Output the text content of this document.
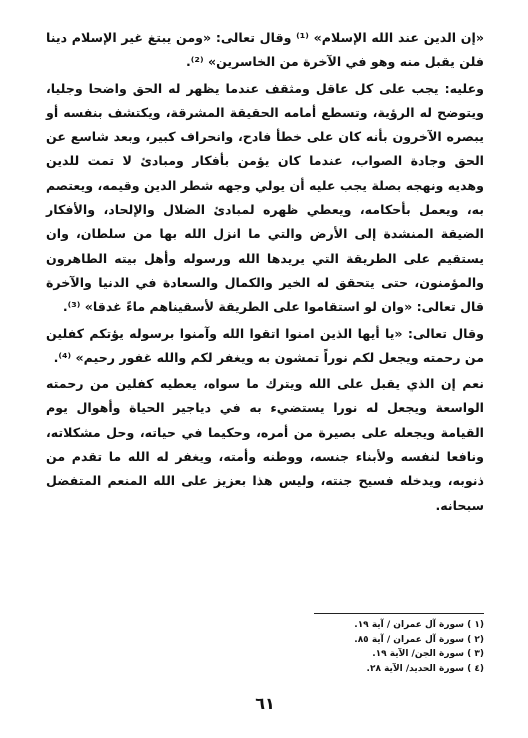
«إن الدين عند الله الإسلام» ⁽¹⁾ وقال تعالى: «ومن يبتغ غير الإسلام دينا فلن يقبل منه وهو في الآخرة من الخاسرين» ⁽²⁾.

وعليه: يجب على كل عاقل ومثقف عندما يظهر له الحق واضحا وجليا، ويتوضح له الرؤية، وتسطع أمامه الحقيقة المشرقة، ويكتشف بنفسه أو يبصره الآخرون بأنه كان على خطأ فادح، وانحراف كبير، وبعد شاسع عن الحق وجادة الصواب، عندما كان يؤمن بأفكار ومبادئ لا تمت للدين وهديه ونهجه بصلة يجب عليه أن يولي وجهه شطر الدين وقيمه، ويعتصم به، ويعمل بأحكامه، ويعطي ظهره لمبادئ الضلال والإلحاد، والأفكار الضيقة المنشدة إلى الأرض والتي ما انزل الله بها من سلطان، وان يستقيم على الطريقة التي يريدها الله ورسوله وأهل بيته الطاهرون والمؤمنون، حتى يتحقق له الخير والكمال والسعادة في الدنيا والآخرة قال تعالى: «وان لو استقاموا على الطريقة لأسقيناهم ماءً غدقا» ⁽³⁾.

وقال تعالى: «يا أيها الذين امنوا اتقوا الله وآمنوا برسوله يؤتكم كفلين من رحمته ويجعل لكم نوراً تمشون به ويغفر لكم والله غفور رحيم» ⁽⁴⁾.

نعم إن الذي يقبل على الله ويترك ما سواه، يعطيه كفلين من رحمته الواسعة ويجعل له نورا يستضيء به في دياجير الحياة وأهوال يوم القيامة ويجعله على بصيرة من أمره، وحكيما في حياته، وحل مشكلاته، ونافعا لنفسه ولأبناء جنسه، ووطنه وأمته، ويغفر له الله ما تقدم من ذنوبه، ويدخله فسيح جنته، وليس هذا بعزيز على الله المنعم المتفضل سبحانه.

(١ ) سورة آل عمران / آية ١٩.

(٢ ) سورة آل عمران / آية ٨٥.

(٣ ) سورة الجن/ الآية ١٩.

(٤ ) سورة الحديد/ الآية ٢٨.

٦١
